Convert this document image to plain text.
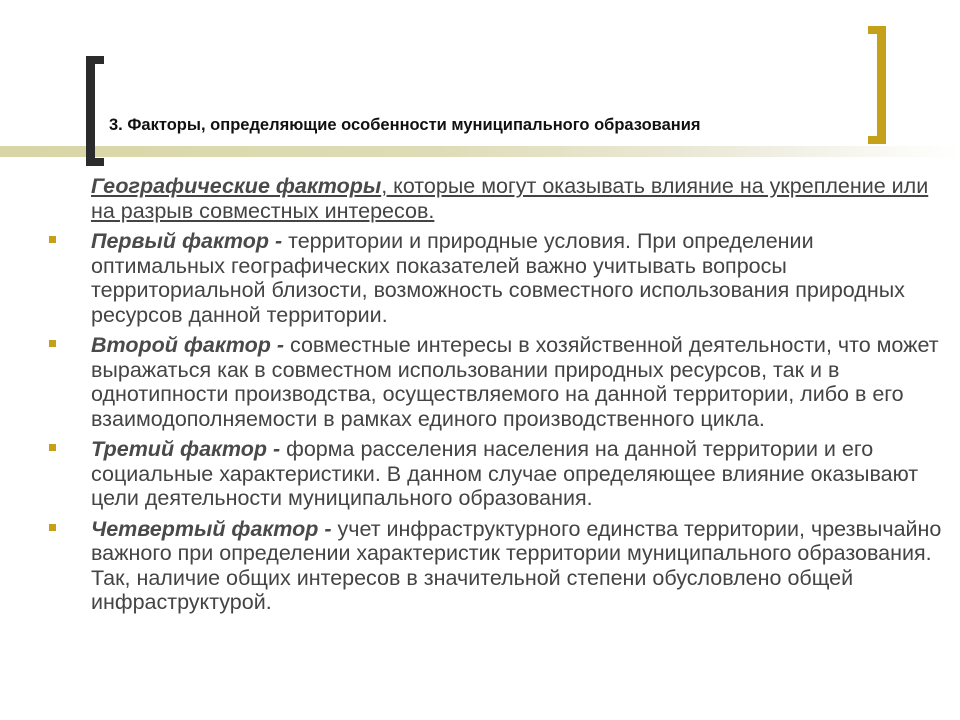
3. Факторы, определяющие особенности муниципального образования
Географические факторы, которые могут оказывать влияние на укрепление или на разрыв совместных интересов.
Первый фактор - территории и природные условия. При определении оптимальных географических показателей важно учитывать вопросы территориальной близости, возможность совместного использования природных ресурсов данной территории.
Второй фактор - совместные интересы в хозяйственной деятельности, что может выражаться как в совместном использовании природных ресурсов, так и в однотипности производства, осуществляемого на данной территории, либо в его взаимодополняемости в рамках единого производственного цикла.
Третий фактор - форма расселения населения на данной территории и его социальные характеристики. В данном случае определяющее влияние оказывают цели деятельности муниципального образования.
Четвертый фактор - учет инфраструктурного единства территории, чрезвычайно важного при определении характеристик территории муниципального образования. Так, наличие общих интересов в значительной степени обусловлено общей инфраструктурой.
